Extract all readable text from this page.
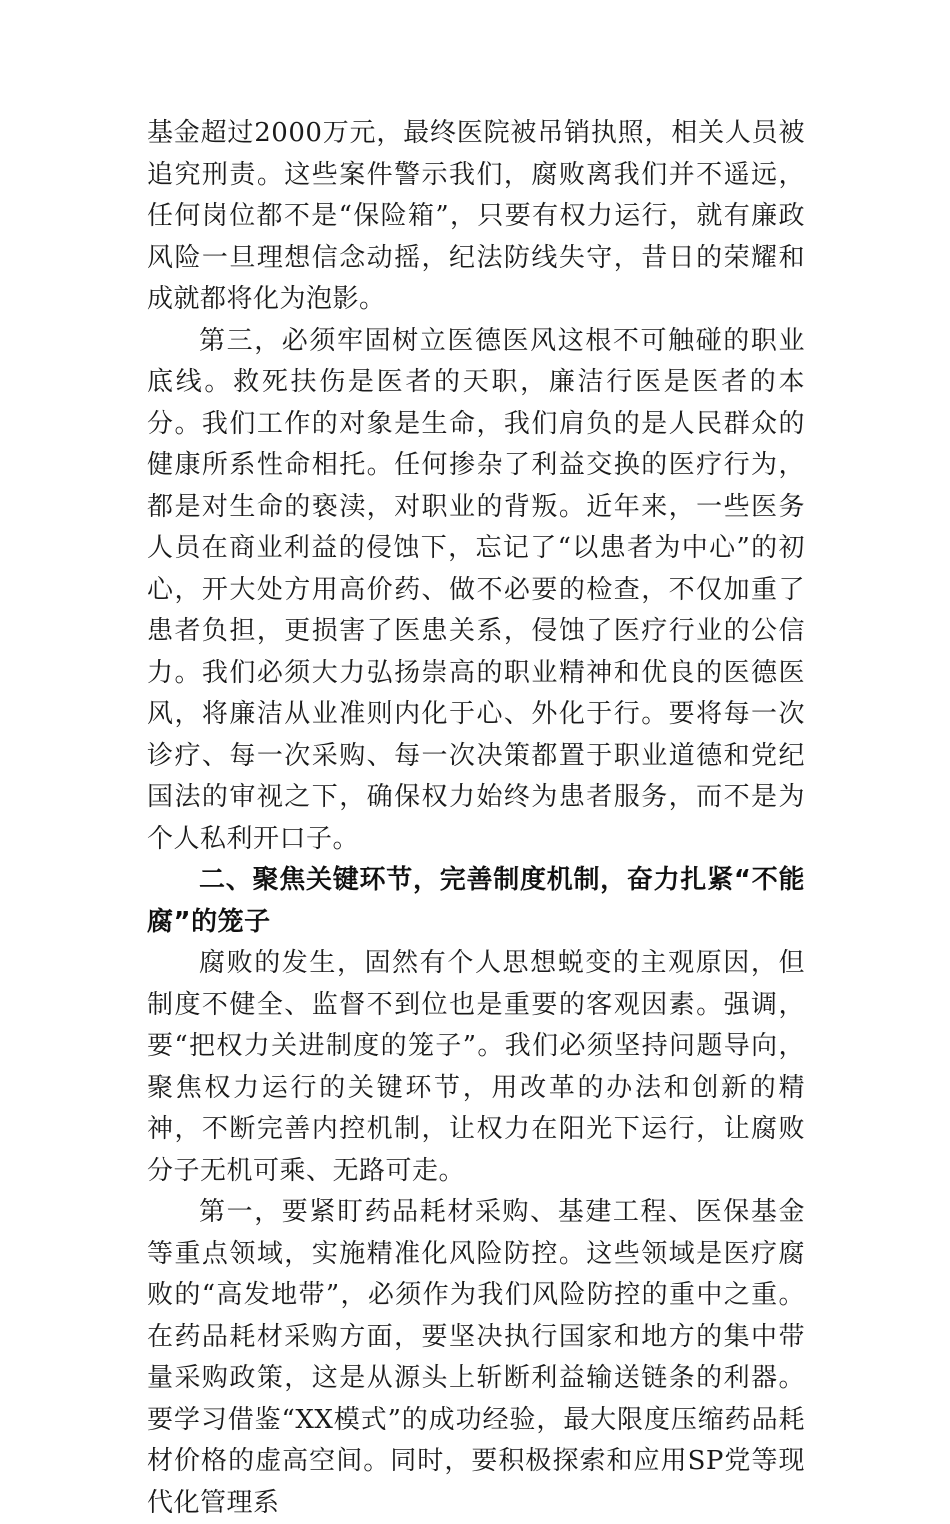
基金超过2000万元，最终医院被吊销执照，相关人员被追究刑责。这些案件警示我们，腐败离我们并不遥远，任何岗位都不是“保险箱”，只要有权力运行，就有廉政风险一旦理想信念动摇，纪法防线失守，昔日的荣耀和成就都将化为泡影。

第三，必须牢固树立医德医风这根不可触碰的职业底线。救死扶伤是医者的天职，廉洁行医是医者的本分。我们工作的对象是生命，我们肩负的是人民群众的健康所系性命相托。任何掺杂了利益交换的医疗行为，都是对生命的亵渎，对职业的背叛。近年来，一些医务人员在商业利益的侵蚀下，忘记了“以患者为中心”的初心，开大处方用高价药、做不必要的检查，不仅加重了患者负担，更损害了医患关系，侵蚀了医疗行业的公信力。我们必须大力弘扬崇高的职业精神和优良的医德医风，将廉洁从业准则内化于心、外化于行。要将每一次诊疗、每一次采购、每一次决策都置于职业道德和党纪国法的审视之下，确保权力始终为患者服务，而不是为个人私利开口子。

二、聚焦关键环节，完善制度机制，奋力扎紧“不能腐”的笼子

腐败的发生，固然有个人思想蜕变的主观原因，但制度不健全、监督不到位也是重要的客观因素。强调，要“把权力关进制度的笼子”。我们必须坚持问题导向，聚焦权力运行的关键环节，用改革的办法和创新的精神，不断完善内控机制，让权力在阳光下运行，让腐败分子无机可乘、无路可走。

第一，要紧盯药品耗材采购、基建工程、医保基金等重点领域，实施精准化风险防控。这些领域是医疗腐败的“高发地带”，必须作为我们风险防控的重中之重。在药品耗材采购方面，要坚决执行国家和地方的集中带量采购政策，这是从源头上斩断利益输送链条的利器。要学习借鉴“XX模式”的成功经验，最大限度压缩药品耗材价格的虚高空间。同时，要积极探索和应用SP党等现代化管理系
